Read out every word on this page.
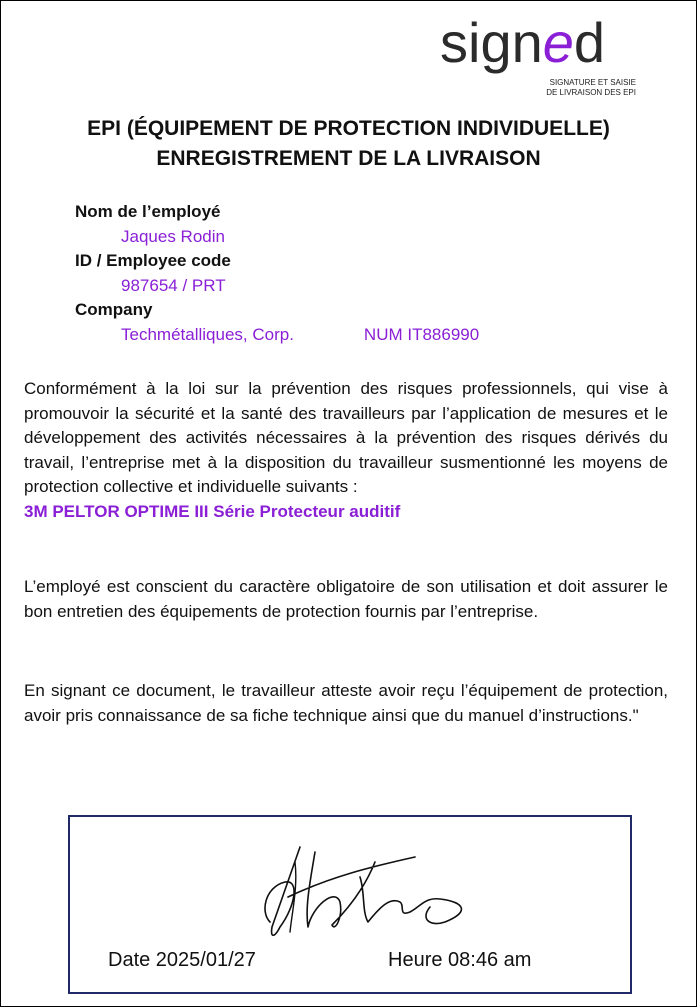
signed
SIGNATURE ET SAISIE
DE LIVRAISON DES EPI
EPI (ÉQUIPEMENT DE PROTECTION INDIVIDUELLE)
ENREGISTREMENT DE LA LIVRAISON
Nom de l’employé
Jaques Rodin
ID / Employee code
987654 / PRT
Company
Techmétalliques, Corp.	NUM IT886990
Conformément à la loi sur la prévention des risques professionnels, qui vise à promouvoir la sécurité et la santé des travailleurs par l’application de mesures et le développement des activités nécessaires à la prévention des risques dérivés du travail, l’entreprise met à la disposition du travailleur susmentionné les moyens de protection collective et individuelle suivants :
3M PELTOR OPTIME III Série Protecteur auditif
L’employé est conscient du caractère obligatoire de son utilisation et doit assurer le bon entretien des équipements de protection fournis par l’entreprise.
En signant ce document, le travailleur atteste avoir reçu l’équipement de protection, avoir pris connaissance de sa fiche technique ainsi que du manuel d’instructions."
Date 2025/01/27	Heure 08:46 am
